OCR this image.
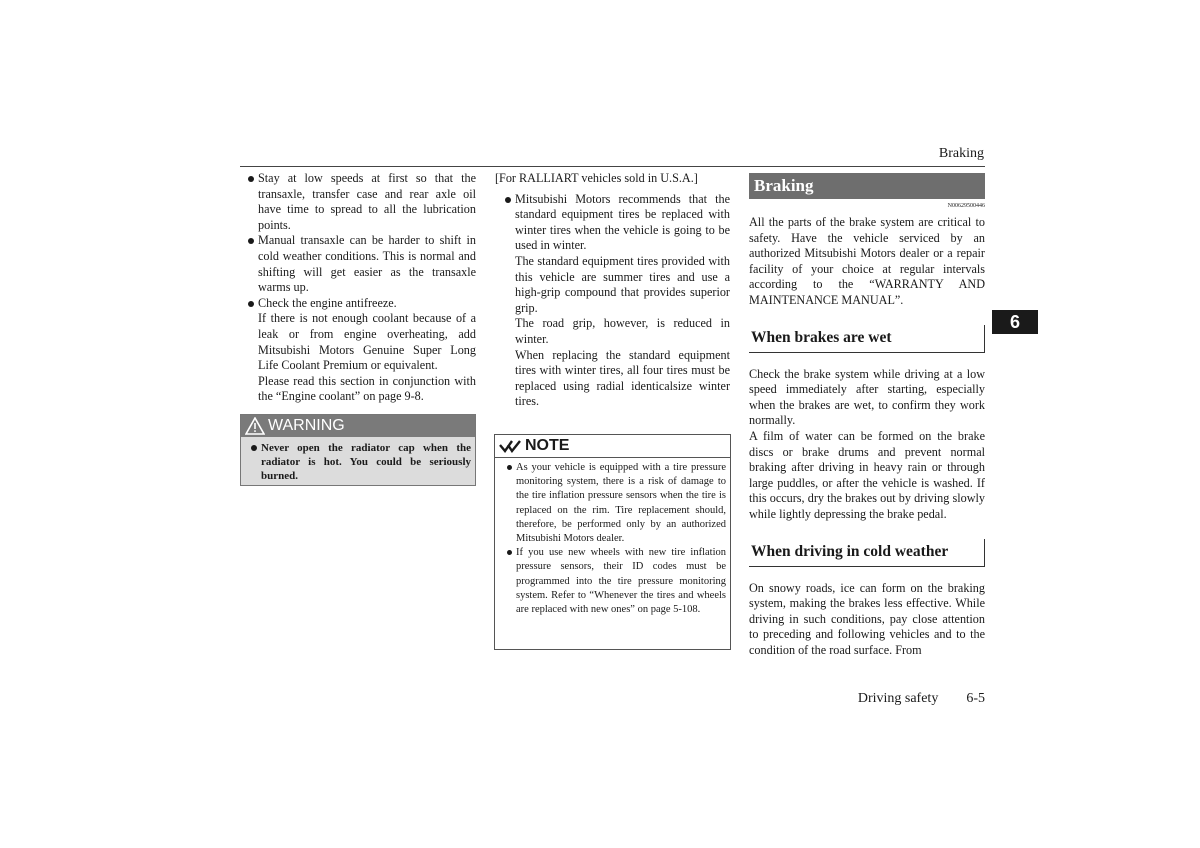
Braking
6
Stay at low speeds at first so that the transaxle, transfer case and rear axle oil have time to spread to all the lubrication points.
Manual transaxle can be harder to shift in cold weather conditions. This is normal and shifting will get easier as the transaxle warms up.
Check the engine antifreeze.

If there is not enough coolant because of a leak or from engine overheating, add Mitsubishi Motors Genuine Super Long Life Coolant Premium or equivalent.

Please read this section in conjunction with the “Engine coolant” on page 9-8.

WARNING
Never open the radiator cap when the radiator is hot. You could be seriously burned.

[For RALLIART vehicles sold in U.S.A.]

Mitsubishi Motors recommends that the standard equipment tires be replaced with winter tires when the vehicle is going to be used in winter.

The standard equipment tires provided with this vehicle are summer tires and use a high-grip compound that provides superior grip.

The road grip, however, is reduced in winter.

When replacing the standard equipment tires with winter tires, all four tires must be replaced using radial identicalsize winter tires.

NOTE
As your vehicle is equipped with a tire pressure monitoring system, there is a risk of damage to the tire inflation pressure sensors when the tire is replaced on the rim. Tire replacement should, therefore, be performed only by an authorized Mitsubishi Motors dealer.
If you use new wheels with new tire inflation pressure sensors, their ID codes must be programmed into the tire pressure monitoring system. Refer to “Whenever the tires and wheels are replaced with new ones” on page 5-108.
Braking
N00629500446

All the parts of the brake system are critical to safety. Have the vehicle serviced by an authorized Mitsubishi Motors dealer or a repair facility of your choice at regular intervals according to the “WARRANTY AND MAINTENANCE MANUAL”.

When brakes are wet

Check the brake system while driving at a low speed immediately after starting, especially when the brakes are wet, to confirm they work normally.

A film of water can be formed on the brake discs or brake drums and prevent normal braking after driving in heavy rain or through large puddles, or after the vehicle is washed. If this occurs, dry the brakes out by driving slowly while lightly depressing the brake pedal.

When driving in cold weather

On snowy roads, ice can form on the braking system, making the brakes less effective. While driving in such conditions, pay close attention to preceding and following vehicles and to the condition of the road surface. From

Driving safety 6-5
